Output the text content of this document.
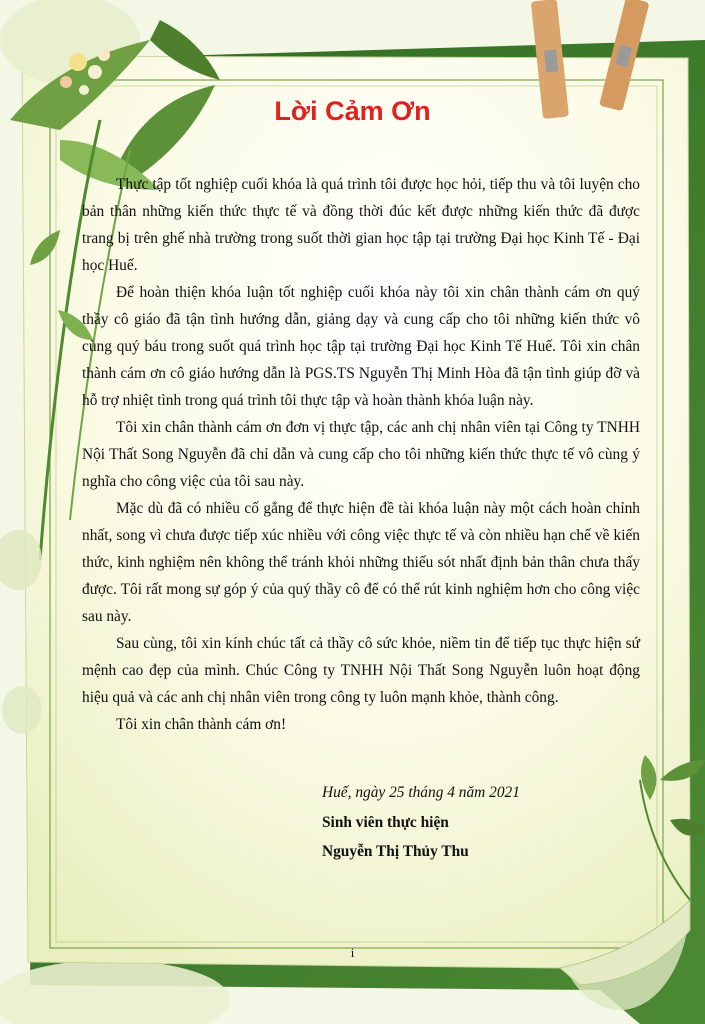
Lời Cảm Ơn

Thực tập tốt nghiệp cuối khóa là quá trình tôi được học hỏi, tiếp thu và tôi luyện cho bản thân những kiến thức thực tế và đồng thời đúc kết được những kiến thức đã được trang bị trên ghế nhà trường trong suốt thời gian học tập tại trường Đại học Kinh Tế - Đại học Huế.

Để hoàn thiện khóa luận tốt nghiệp cuối khóa này tôi xin chân thành cám ơn quý thầy cô giáo đã tận tình hướng dẫn, giảng dạy và cung cấp cho tôi những kiến thức vô cùng quý báu trong suốt quá trình học tập tại trường Đại học Kinh Tế Huế. Tôi xin chân thành cám ơn cô giáo hướng dẫn là PGS.TS Nguyễn Thị Minh Hòa đã tận tình giúp đỡ và hỗ trợ nhiệt tình trong quá trình tôi thực tập và hoàn thành khóa luận này.

Tôi xin chân thành cám ơn đơn vị thực tập, các anh chị nhân viên tại Công ty TNHH Nội Thất Song Nguyễn đã chỉ dẫn và cung cấp cho tôi những kiến thức thực tế vô cùng ý nghĩa cho công việc của tôi sau này.

Mặc dù đã có nhiều cố gắng để thực hiện đề tài khóa luận này một cách hoàn chỉnh nhất, song vì chưa được tiếp xúc nhiều với công việc thực tế và còn nhiều hạn chế về kiến thức, kinh nghiệm nên không thể tránh khỏi những thiếu sót nhất định bản thân chưa thấy được. Tôi rất mong sự góp ý của quý thầy cô để có thể rút kinh nghiệm hơn cho công việc sau này.

Sau cùng, tôi xin kính chúc tất cả thầy cô sức khỏe, niềm tin để tiếp tục thực hiện sứ mệnh cao đẹp của mình. Chúc Công ty TNHH Nội Thất Song Nguyễn luôn hoạt động hiệu quả và các anh chị nhân viên trong công ty luôn mạnh khỏe, thành công.

Tôi xin chân thành cám ơn!

Huế, ngày 25 tháng 4 năm 2021
Sinh viên thực hiện
Nguyễn Thị Thủy Thu
i
